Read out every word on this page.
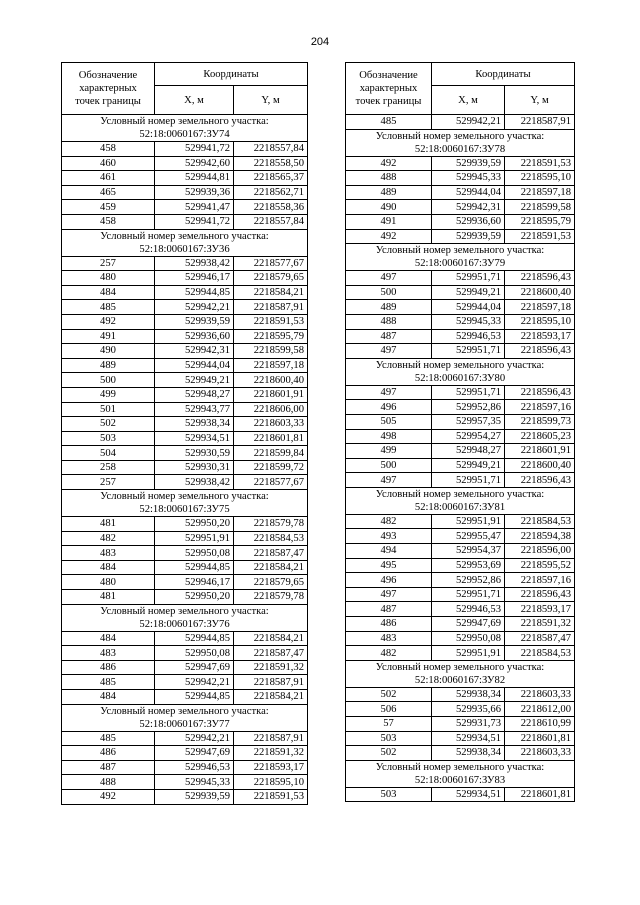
204
Обозначение
характерных
точек границы	Координаты	
	X, м	Y, м
Условный номер земельного участка:
52:18:0060167:ЗУ74		
458	529941,72	2218557,84
460	529942,60	2218558,50
461	529944,81	2218565,37
465	529939,36	2218562,71
459	529941,47	2218558,36
458	529941,72	2218557,84
Условный номер земельного участка:
52:18:0060167:ЗУ36		
257	529938,42	2218577,67
480	529946,17	2218579,65
484	529944,85	2218584,21
485	529942,21	2218587,91
492	529939,59	2218591,53
491	529936,60	2218595,79
490	529942,31	2218599,58
489	529944,04	2218597,18
500	529949,21	2218600,40
499	529948,27	2218601,91
501	529943,77	2218606,00
502	529938,34	2218603,33
503	529934,51	2218601,81
504	529930,59	2218599,84
258	529930,31	2218599,72
257	529938,42	2218577,67
Условный номер земельного участка:
52:18:0060167:ЗУ75		
481	529950,20	2218579,78
482	529951,91	2218584,53
483	529950,08	2218587,47
484	529944,85	2218584,21
480	529946,17	2218579,65
481	529950,20	2218579,78
Условный номер земельного участка:
52:18:0060167:ЗУ76		
484	529944,85	2218584,21
483	529950,08	2218587,47
486	529947,69	2218591,32
485	529942,21	2218587,91
484	529944,85	2218584,21
Условный номер земельного участка:
52:18:0060167:ЗУ77		
485	529942,21	2218587,91
486	529947,69	2218591,32
487	529946,53	2218593,17
488	529945,33	2218595,10
492	529939,59	2218591,53
Обозначение
характерных
точек границы	Координаты	
	X, м	Y, м
485	529942,21	2218587,91
Условный номер земельного участка:
52:18:0060167:ЗУ78		
492	529939,59	2218591,53
488	529945,33	2218595,10
489	529944,04	2218597,18
490	529942,31	2218599,58
491	529936,60	2218595,79
492	529939,59	2218591,53
Условный номер земельного участка:
52:18:0060167:ЗУ79		
497	529951,71	2218596,43
500	529949,21	2218600,40
489	529944,04	2218597,18
488	529945,33	2218595,10
487	529946,53	2218593,17
497	529951,71	2218596,43
Условный номер земельного участка:
52:18:0060167:ЗУ80		
497	529951,71	2218596,43
496	529952,86	2218597,16
505	529957,35	2218599,73
498	529954,27	2218605,23
499	529948,27	2218601,91
500	529949,21	2218600,40
497	529951,71	2218596,43
Условный номер земельного участка:
52:18:0060167:ЗУ81		
482	529951,91	2218584,53
493	529955,47	2218594,38
494	529954,37	2218596,00
495	529953,69	2218595,52
496	529952,86	2218597,16
497	529951,71	2218596,43
487	529946,53	2218593,17
486	529947,69	2218591,32
483	529950,08	2218587,47
482	529951,91	2218584,53
Условный номер земельного участка:
52:18:0060167:ЗУ82		
502	529938,34	2218603,33
506	529935,66	2218612,00
57	529931,73	2218610,99
503	529934,51	2218601,81
502	529938,34	2218603,33
Условный номер земельного участка:
52:18:0060167:ЗУ83		
503	529934,51	2218601,81
